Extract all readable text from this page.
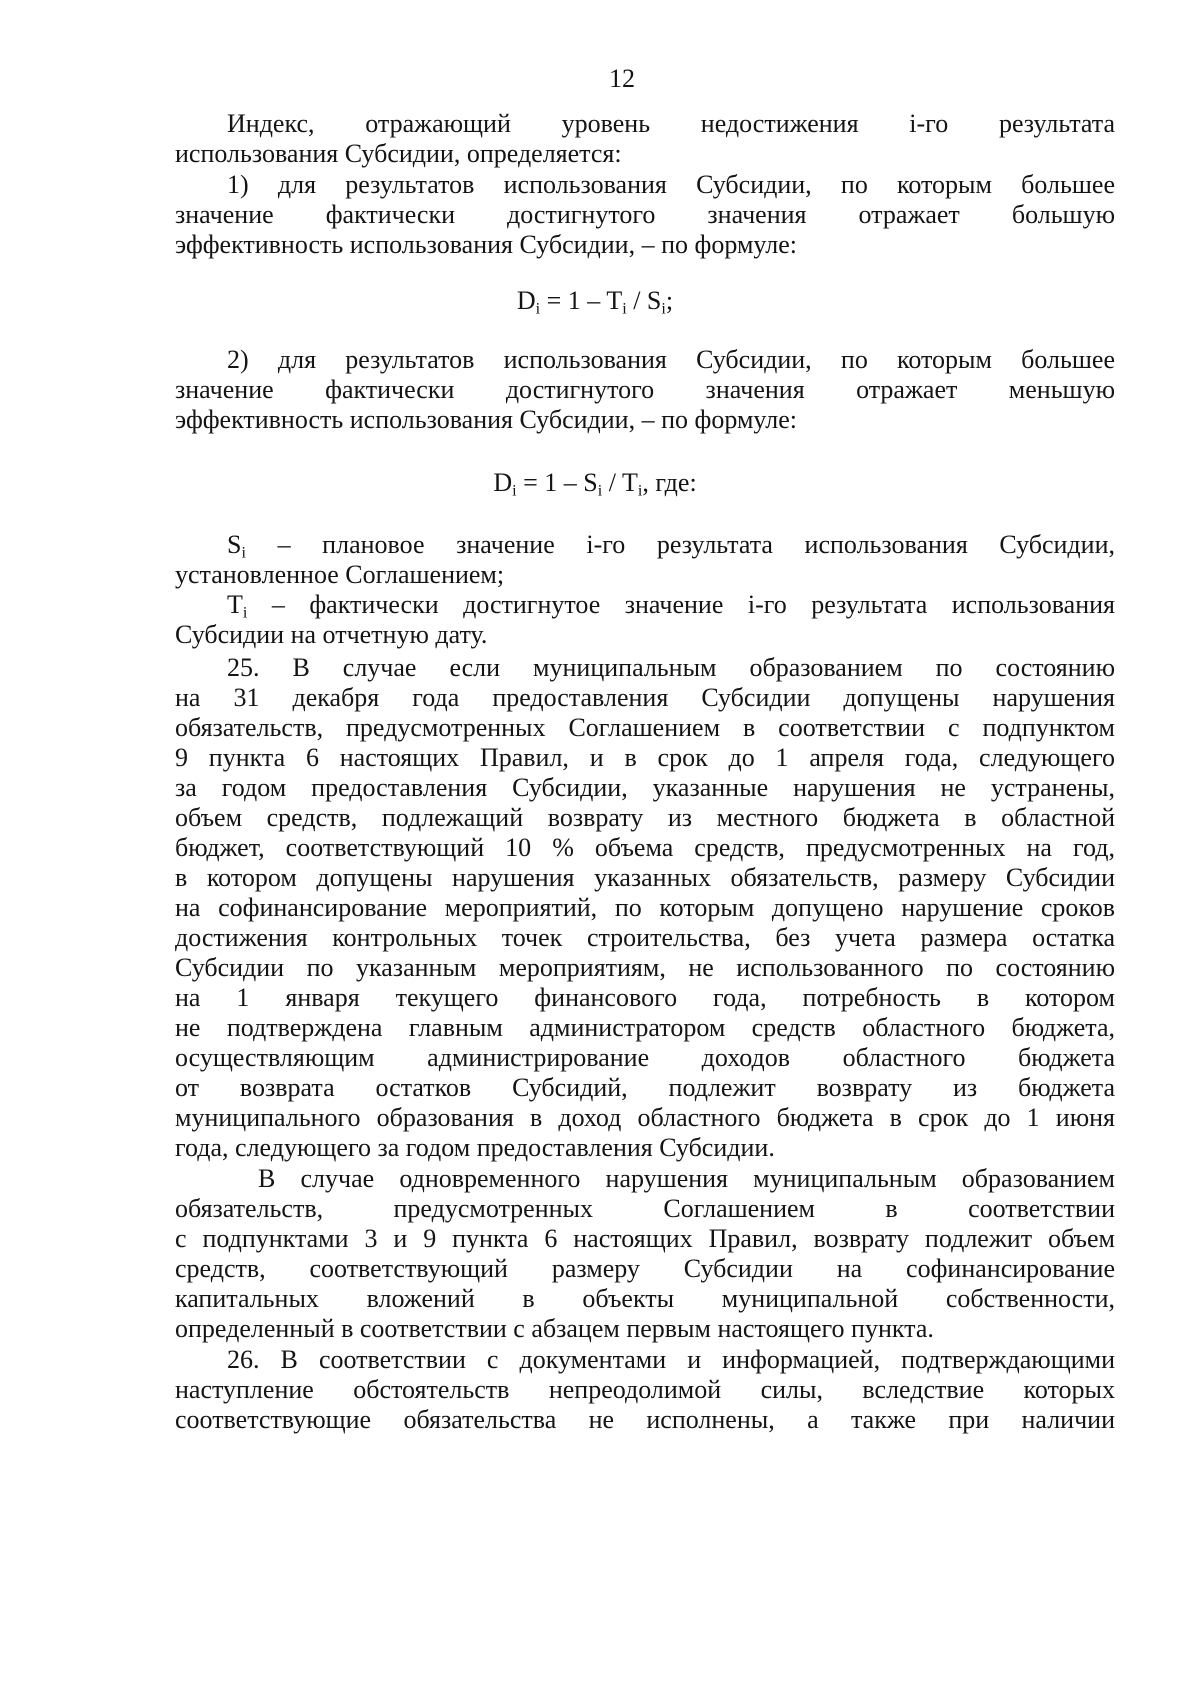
12
Индекс, отражающий уровень недостижения i-го результата
использования Субсидии, определяется:
1) для результатов использования Субсидии, по которым большее
значение фактически достигнутого значения отражает большую
эффективность использования Субсидии, – по формуле:
$D_i = 1 - T_i / S_i$;
2) для результатов использования Субсидии, по которым большее
значение фактически достигнутого значения отражает меньшую
эффективность использования Субсидии, – по формуле:
$D_i = 1 - S_i / T_i$, где:
$S_i$ – плановое значение i-го результата использования Субсидии,
установленное Соглашением;
$T_i$ – фактически достигнутое значение i-го результата использования
Субсидии на отчетную дату.
25. В случае если муниципальным образованием по состоянию
на 31 декабря года предоставления Субсидии допущены нарушения
обязательств, предусмотренных Соглашением в соответствии с подпунктом
9 пункта 6 настоящих Правил, и в срок до 1 апреля года, следующего
за годом предоставления Субсидии, указанные нарушения не устранены,
объем средств, подлежащий возврату из местного бюджета в областной
бюджет, соответствующий 10 % объема средств, предусмотренных на год,
в котором допущены нарушения указанных обязательств, размеру Субсидии
на софинансирование мероприятий, по которым допущено нарушение сроков
достижения контрольных точек строительства, без учета размера остатка
Субсидии по указанным мероприятиям, не использованного по состоянию
на 1 января текущего финансового года, потребность в котором
не подтверждена главным администратором средств областного бюджета,
осуществляющим администрирование доходов областного бюджета
от возврата остатков Субсидий, подлежит возврату из бюджета
муниципального образования в доход областного бюджета в срок до 1 июня
года, следующего за годом предоставления Субсидии.
В случае одновременного нарушения муниципальным образованием
обязательств, предусмотренных Соглашением в соответствии
с подпунктами 3 и 9 пункта 6 настоящих Правил, возврату подлежит объем
средств, соответствующий размеру Субсидии на софинансирование
капитальных вложений в объекты муниципальной собственности,
определенный в соответствии с абзацем первым настоящего пункта.
26. В соответствии с документами и информацией, подтверждающими
наступление обстоятельств непреодолимой силы, вследствие которых
соответствующие обязательства не исполнены, а также при наличии
